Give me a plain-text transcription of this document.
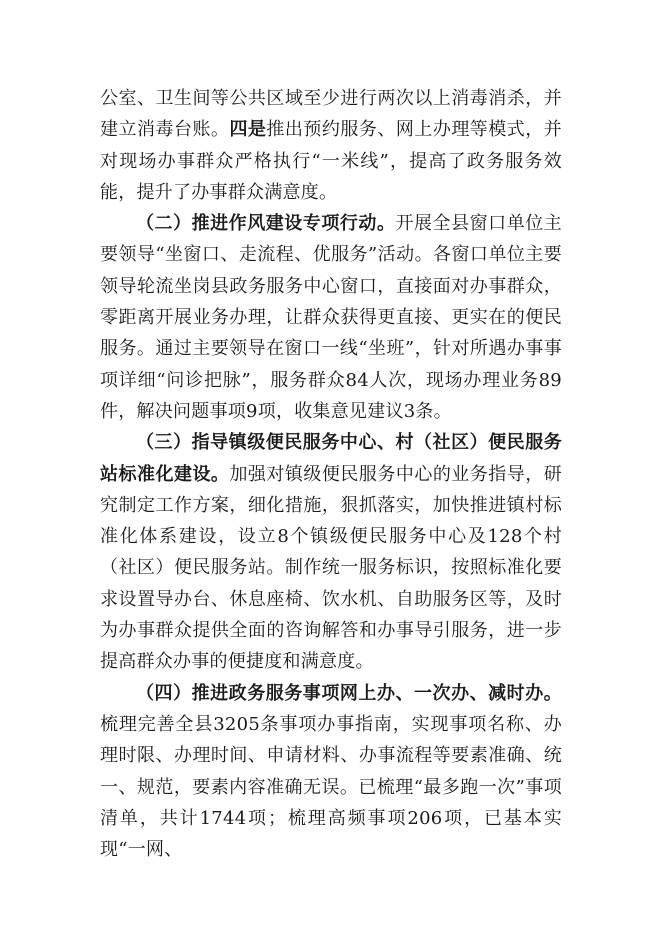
公室、卫生间等公共区域至少进行两次以上消毒消杀，并建立消毒台账。四是推出预约服务、网上办理等模式，并对现场办事群众严格执行“一米线”，提高了政务服务效能，提升了办事群众满意度。

（二）推进作风建设专项行动。开展全县窗口单位主要领导“坐窗口、走流程、优服务”活动。各窗口单位主要领导轮流坐岗县政务服务中心窗口，直接面对办事群众，零距离开展业务办理，让群众获得更直接、更实在的便民服务。通过主要领导在窗口一线“坐班”，针对所遇办事事项详细“问诊把脉”，服务群众84人次，现场办理业务89件，解决问题事项9项，收集意见建议3条。

（三）指导镇级便民服务中心、村（社区）便民服务站标准化建设。加强对镇级便民服务中心的业务指导，研究制定工作方案，细化措施，狠抓落实，加快推进镇村标准化体系建设，设立8个镇级便民服务中心及128个村（社区）便民服务站。制作统一服务标识，按照标准化要求设置导办台、休息座椅、饮水机、自助服务区等，及时为办事群众提供全面的咨询解答和办事导引服务，进一步提高群众办事的便捷度和满意度。

（四）推进政务服务事项网上办、一次办、减时办。梳理完善全县3205条事项办事指南，实现事项名称、办理时限、办理时间、申请材料、办事流程等要素准确、统一、规范，要素内容准确无误。已梳理“最多跑一次”事项清单，共计1744项；梳理高频事项206项，已基本实现“一网、
